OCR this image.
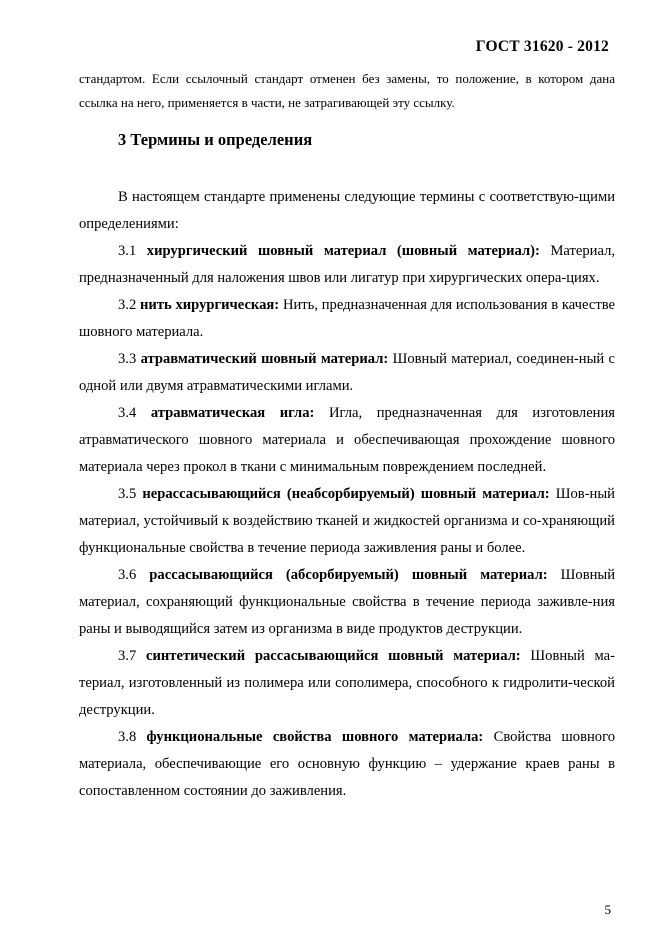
ГОСТ 31620 - 2012
стандартом. Если ссылочный стандарт отменен без замены, то положение, в котором дана ссылка на него, применяется в части, не затрагивающей эту ссылку.
3 Термины и определения

В настоящем стандарте применены следующие термины с соответствую-щими определениями:

3.1 хирургический шовный материал (шовный материал): Материал, предназначенный для наложения швов или лигатур при хирургических опера-циях.

3.2 нить хирургическая: Нить, предназначенная для использования в качестве шовного материала.

3.3 атравматический шовный материал: Шовный материал, соединен-ный с одной или двумя атравматическими иглами.

3.4 атравматическая игла: Игла, предназначенная для изготовления атравматического шовного материала и обеспечивающая прохождение шовного материала через прокол в ткани с минимальным повреждением последней.

3.5 нерассасывающийся (неабсорбируемый) шовный материал: Шов-ный материал, устойчивый к воздействию тканей и жидкостей организма и со-храняющий функциональные свойства в течение периода заживления раны и более.

3.6 рассасывающийся (абсорбируемый) шовный материал: Шовный материал, сохраняющий функциональные свойства в течение периода заживле-ния раны и выводящийся затем из организма в виде продуктов деструкции.

3.7 синтетический рассасывающийся шовный материал: Шовный ма-териал, изготовленный из полимера или сополимера, способного к гидролити-ческой деструкции.

3.8 функциональные свойства шовного материала: Свойства шовного материала, обеспечивающие его основную функцию – удержание краев раны в сопоставленном состоянии до заживления.

5
